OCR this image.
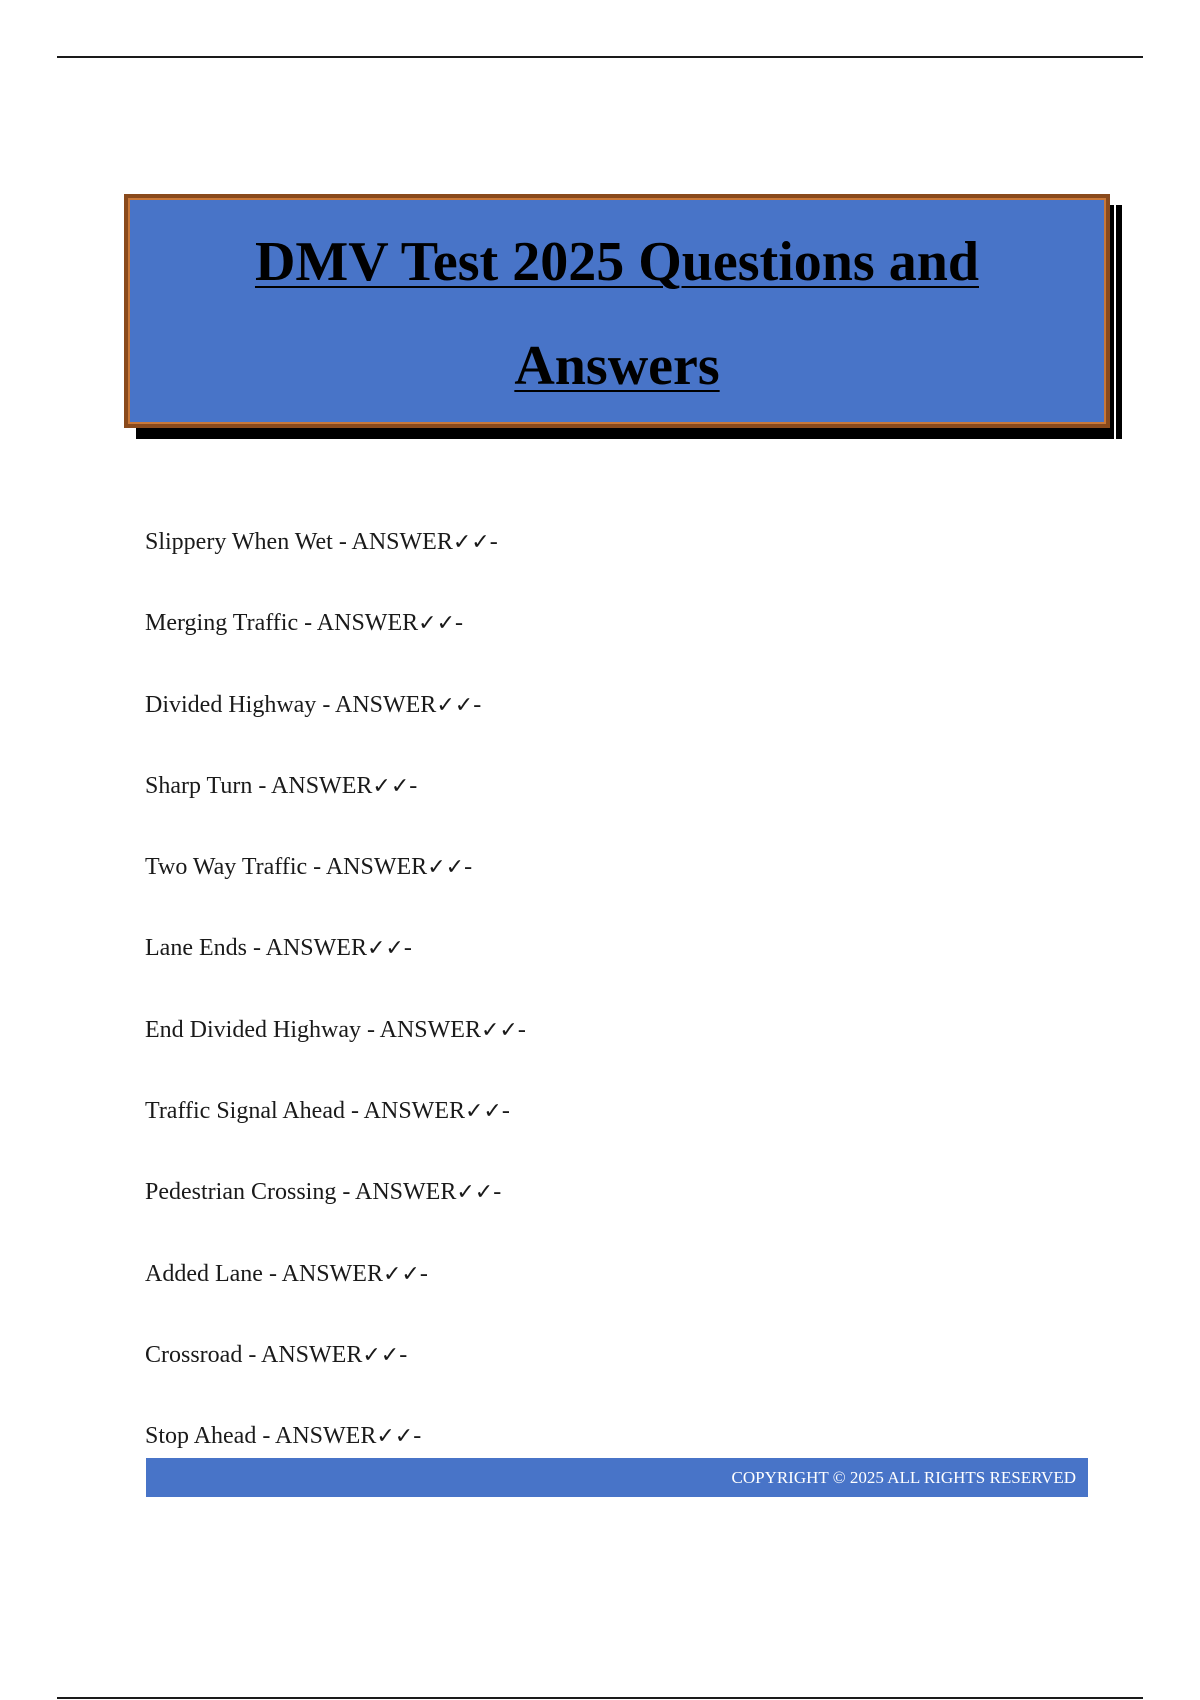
DMV Test 2025 Questions and
Answers
Slippery When Wet - ANSWER✓✓-
Merging Traffic - ANSWER✓✓-
Divided Highway - ANSWER✓✓-
Sharp Turn - ANSWER✓✓-
Two Way Traffic - ANSWER✓✓-
Lane Ends - ANSWER✓✓-
End Divided Highway - ANSWER✓✓-
Traffic Signal Ahead - ANSWER✓✓-
Pedestrian Crossing - ANSWER✓✓-
Added Lane - ANSWER✓✓-
Crossroad - ANSWER✓✓-
Stop Ahead - ANSWER✓✓-
COPYRIGHT © 2025 ALL RIGHTS RESERVED
